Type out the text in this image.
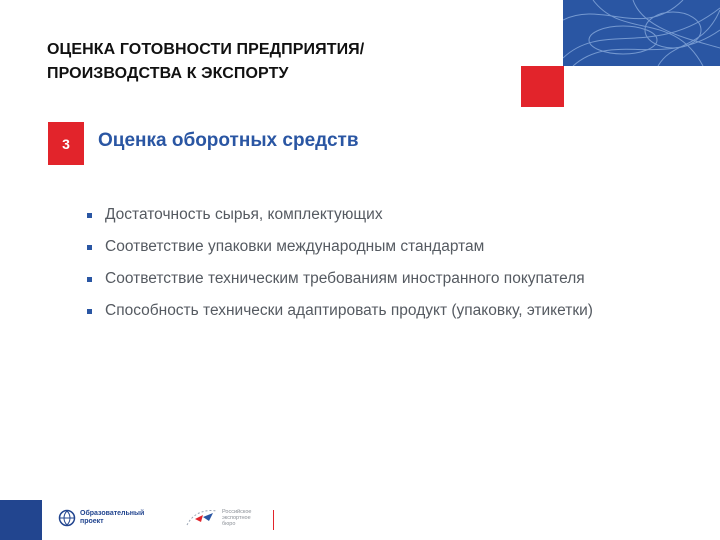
ОЦЕНКА ГОТОВНОСТИ ПРЕДПРИЯТИЯ/
ПРОИЗВОДСТВА К ЭКСПОРТУ
3 Оценка оборотных средств
Достаточность сырья, комплектующих
Соответствие упаковки международным стандартам
Соответствие техническим требованиям иностранного покупателя
Способность технически адаптировать продукт (упаковку, этикетки)
Образовательный
проект
Российское
экспортное
бюро
